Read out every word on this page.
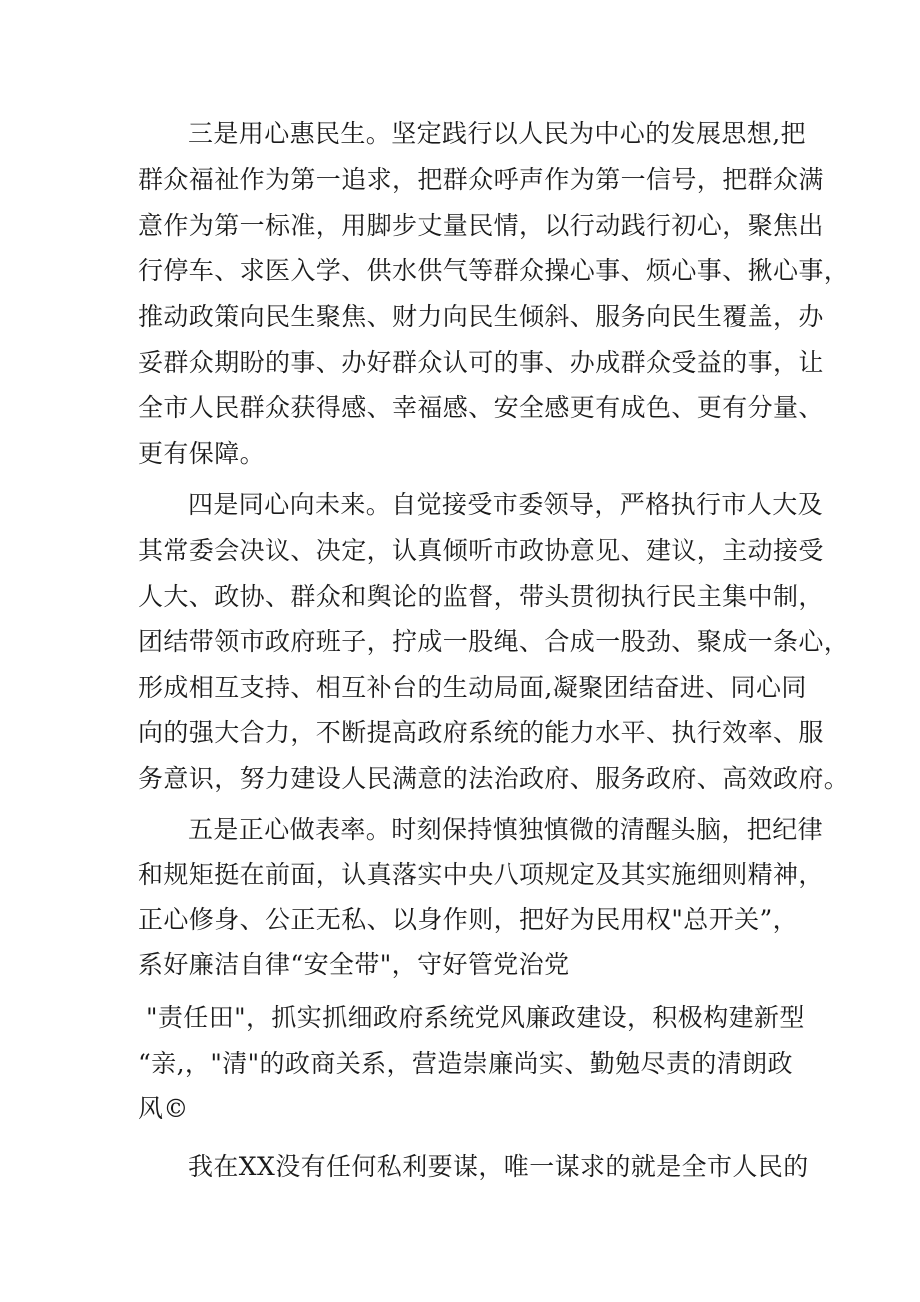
三是用心惠民生。坚定践行以人民为中心的发展思想,把
群众福祉作为第一追求，把群众呼声作为第一信号，把群众满
意作为第一标准，用脚步丈量民情，以行动践行初心，聚焦出
行停车、求医入学、供水供气等群众操心事、烦心事、揪心事，
推动政策向民生聚焦、财力向民生倾斜、服务向民生覆盖，办
妥群众期盼的事、办好群众认可的事、办成群众受益的事，让
全市人民群众获得感、幸福感、安全感更有成色、更有分量、
更有保障。
四是同心向未来。自觉接受市委领导，严格执行市人大及
其常委会决议、决定，认真倾听市政协意见、建议，主动接受
人大、政协、群众和舆论的监督，带头贯彻执行民主集中制，
团结带领市政府班子，拧成一股绳、合成一股劲、聚成一条心，
形成相互支持、相互补台的生动局面,凝聚团结奋进、同心同
向的强大合力，不断提高政府系统的能力水平、执行效率、服
务意识，努力建设人民满意的法治政府、服务政府、高效政府。
五是正心做表率。时刻保持慎独慎微的清醒头脑，把纪律
和规矩挺在前面，认真落实中央八项规定及其实施细则精神，
正心修身、公正无私、以身作则，把好为民用权"总开关”，
系好廉洁自律“安全带"，守好管党治党
"责任田"，抓实抓细政府系统党风廉政建设，积极构建新型
“亲,，"清"的政商关系，营造崇廉尚实、勤勉尽责的清朗政
风©
我在XX没有任何私利要谋，唯一谋求的就是全市人民的
